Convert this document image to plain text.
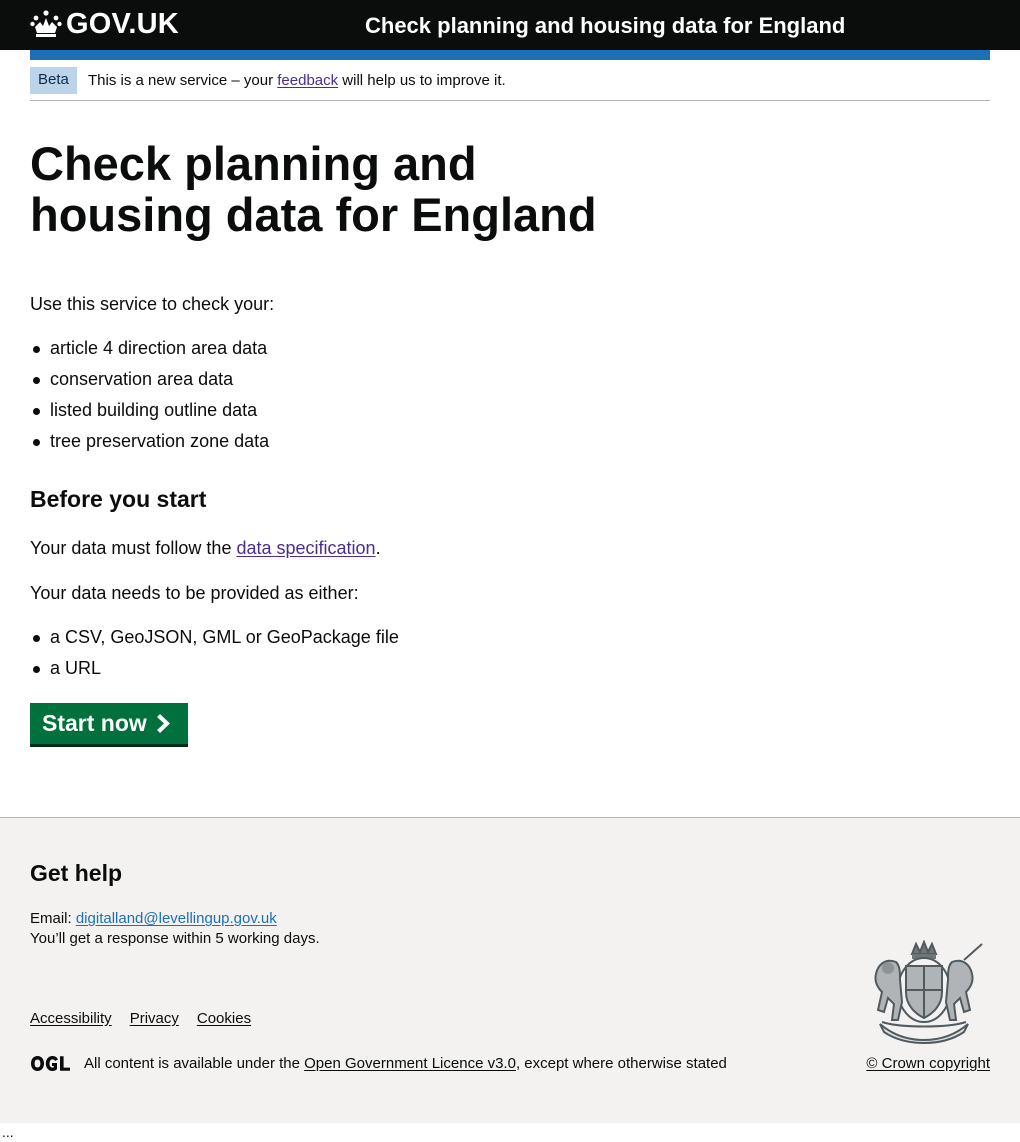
GOV.UK	Check planning and housing data for England
Beta	This is a new service – your feedback will help us to improve it.
Check planning and housing data for England

Use this service to check your:

article 4 direction area data
conservation area data
listed building outline data
tree preservation zone data
Before you start

Your data must follow the data specification.

Your data needs to be provided as either:

a CSV, GeoJSON, GML or GeoPackage file
a URL
Start now
Get help
Email: digitalland@levellingup.gov.uk
You’ll get a response within 5 working days.
Accessibility Privacy Cookies
All content is available under the Open Government Licence v3.0, except where otherwise stated	© Crown copyright
...
